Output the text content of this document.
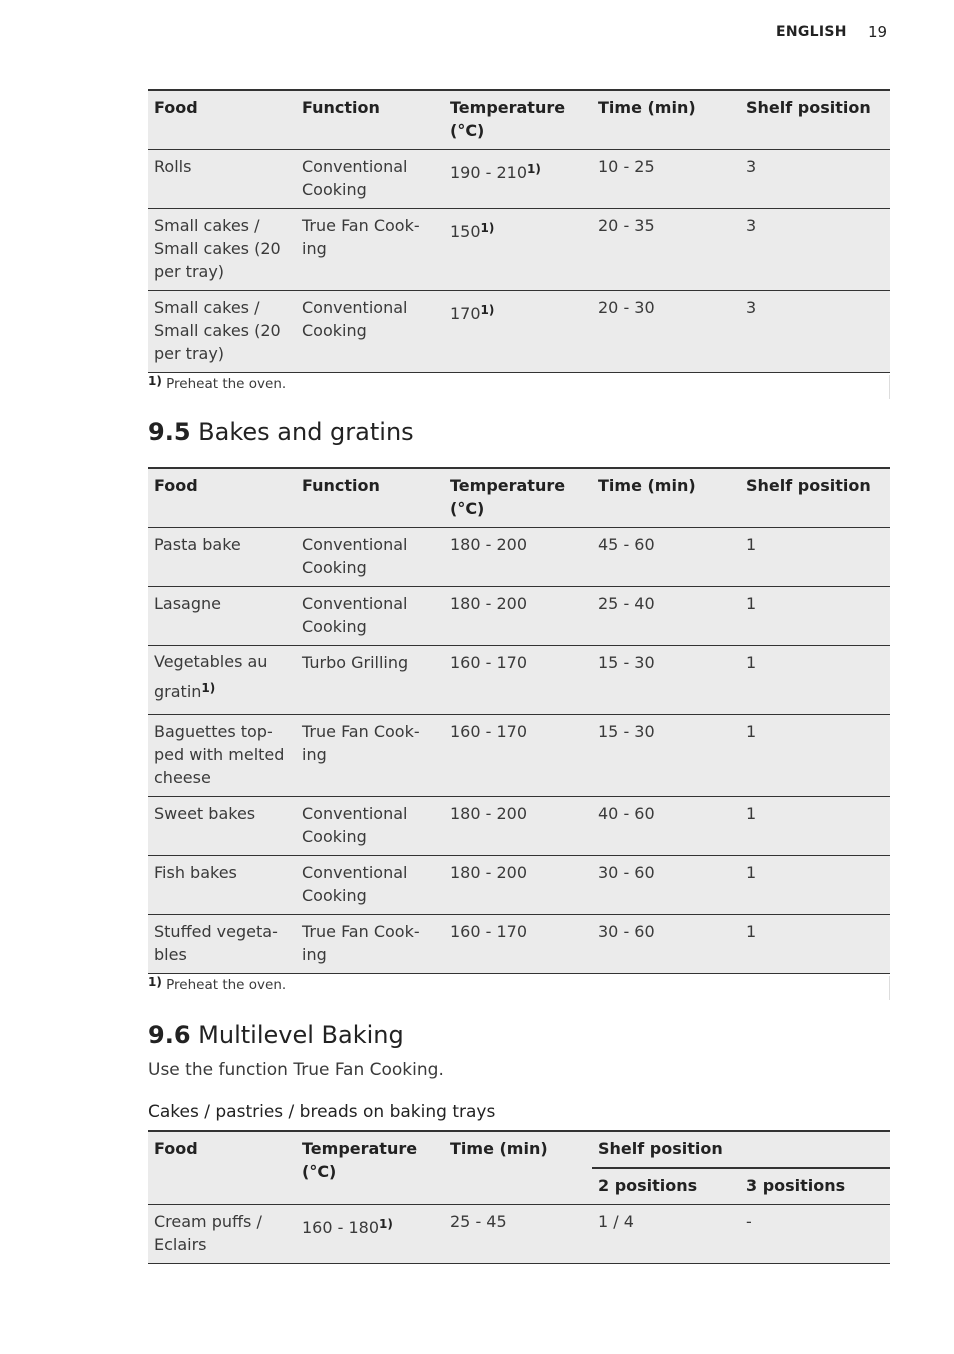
ENGLISH 19
Food	Function	Temperature (°C)	Time (min)	Shelf position
Rolls	Conventional Cooking	190 - 210$^{1)}$	10 - 25	3
Small cakes / Small cakes (20 per tray)	True Fan Cook-ing	150$^{1)}$	20 - 35	3
Small cakes / Small cakes (20 per tray)	Conventional Cooking	170$^{1)}$	20 - 30	3

1) Preheat the oven.				
9.5 Bakes and gratins
Food	Function	Temperature (°C)	Time (min)	Shelf position
Pasta bake	Conventional Cooking	180 - 200	45 - 60	1
Lasagne	Conventional Cooking	180 - 200	25 - 40	1
Vegetables au gratin$^{1)}$	Turbo Grilling	160 - 170	15 - 30	1
Baguettes top-ped with melted cheese	True Fan Cook-ing	160 - 170	15 - 30	1
Sweet bakes	Conventional Cooking	180 - 200	40 - 60	1
Fish bakes	Conventional Cooking	180 - 200	30 - 60	1
Stuffed vegeta-bles	True Fan Cook-ing	160 - 170	30 - 60	1

1) Preheat the oven.				
9.6 Multilevel Baking
Use the function True Fan Cooking.
Cakes / pastries / breads on baking trays
Food	Temperature (°C)	Time (min)	Shelf position	
			2 positions	3 positions
Cream puffs / Eclairs	160 - 180$^{1)}$	25 - 45	1 / 4	-
